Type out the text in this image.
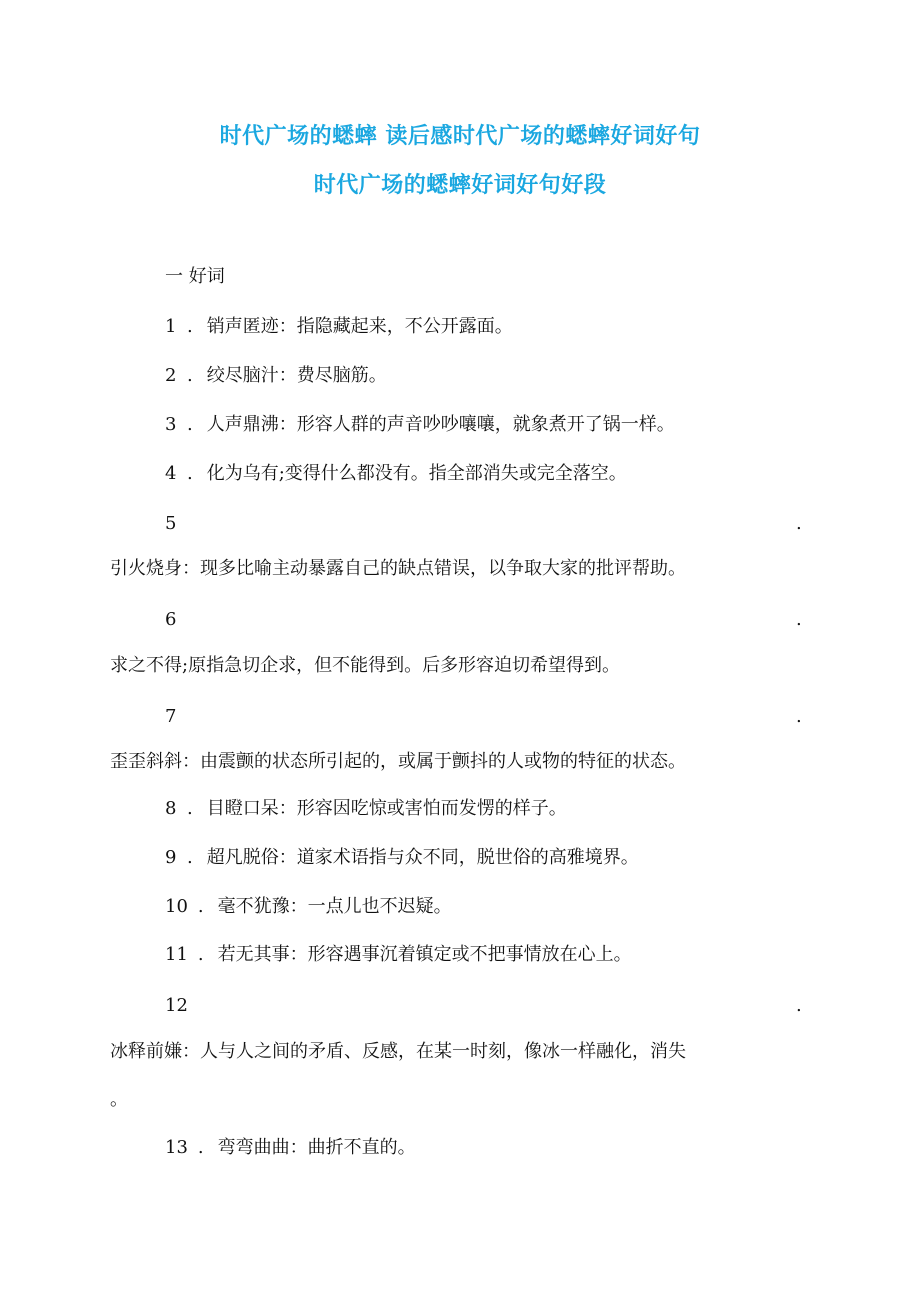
时代广场的蟋蟀 读后感时代广场的蟋蟀好词好句
时代广场的蟋蟀好词好句好段
一 好词
1 . 销声匿迹：指隐藏起来，不公开露面。
2 . 绞尽脑汁：费尽脑筋。
3 . 人声鼎沸：形容人群的声音吵吵嚷嚷，就象煮开了锅一样。
4 . 化为乌有;变得什么都没有。指全部消失或完全落空。
5	.
引火烧身：现多比喻主动暴露自己的缺点错误，以争取大家的批评帮助。
6	.
求之不得;原指急切企求，但不能得到。后多形容迫切希望得到。
7	.
歪歪斜斜：由震颤的状态所引起的，或属于颤抖的人或物的特征的状态。
8 . 目瞪口呆：形容因吃惊或害怕而发愣的样子。
9 . 超凡脱俗：道家术语指与众不同，脱世俗的高雅境界。
10 . 毫不犹豫：一点儿也不迟疑。
11 . 若无其事：形容遇事沉着镇定或不把事情放在心上。
12	.
冰释前嫌：人与人之间的矛盾、反感，在某一时刻，像冰一样融化，消失
。
13 . 弯弯曲曲：曲折不直的。
